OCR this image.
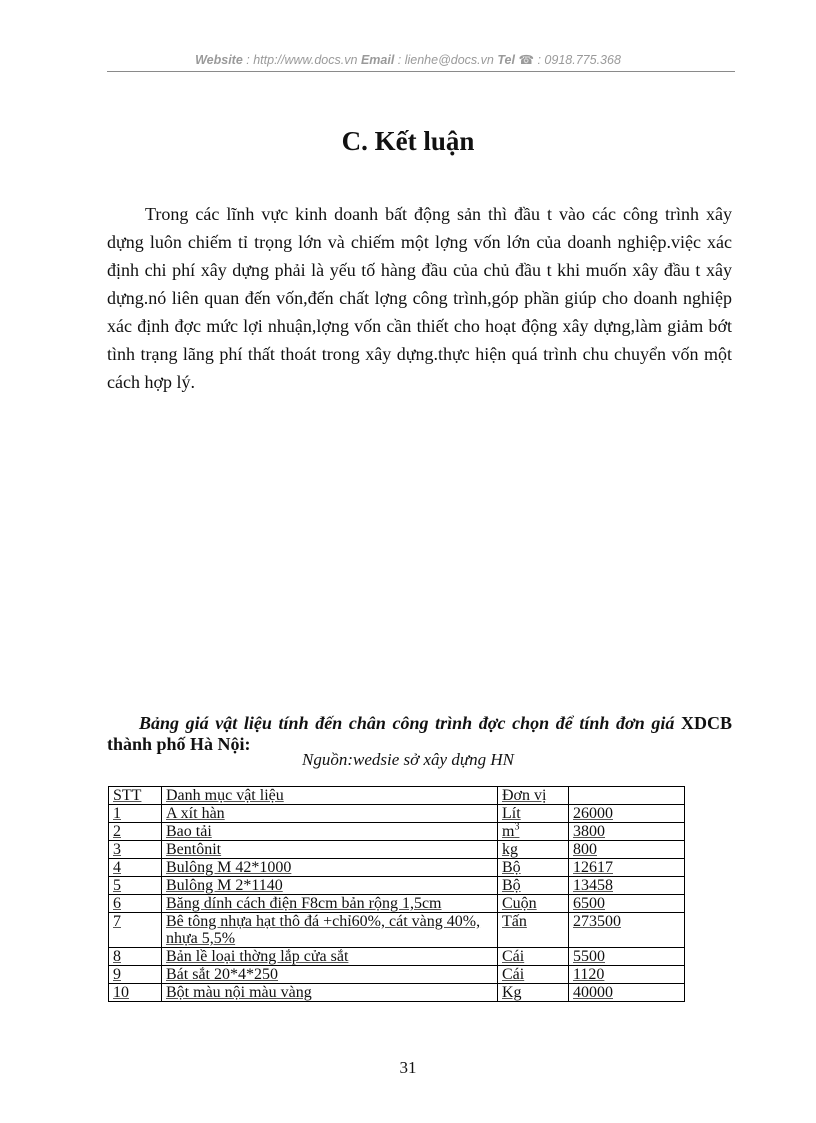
Website : http://www.docs.vn Email : lienhe@docs.vn Tel ☎ : 0918.775.368
C. Kết luận

Trong các lĩnh vực kinh doanh bất động sản thì đầu t vào các công trình xây dựng luôn chiếm tỉ trọng lớn và chiếm một lợng vốn lớn của doanh nghiệp.việc xác định chi phí xây dựng phải là yếu tố hàng đầu của chủ đầu t khi muốn xây đầu t xây dựng.nó liên quan đến vốn,đến chất lợng công trình,góp phần giúp cho doanh nghiệp xác định đợc mức lợi nhuận,lợng vốn cần thiết cho hoạt động xây dựng,làm giảm bớt tình trạng lãng phí thất thoát trong xây dựng.thực hiện quá trình chu chuyển vốn một cách hợp lý.

Bảng giá vật liệu tính đến chân công trình đợc chọn để tính đơn giá XDCB thành phố Hà Nội:

Nguồn:wedsie sở xây dựng HN
STT	Danh mục vật liệu	Đơn vị	
1	A xít hàn	Lít	26000
2	Bao tải	$m^3$	3800
3	Bentônit	kg	800
4	Bulông M 42*1000	Bộ	12617
5	Bulông M 2*1140	Bộ	13458
6	Băng dính cách điện F8cm bản rộng 1,5cm	Cuộn	6500
7	Bê tông nhựa hạt thô đá +chỉ60%, cát vàng 40%, nhựa 5,5%	Tấn	273500
8	Bản lề loại thờng lắp cửa sắt	Cái	5500
9	Bát sắt 20*4*250	Cái	1120
10	Bột màu nội màu vàng	Kg	40000
31
